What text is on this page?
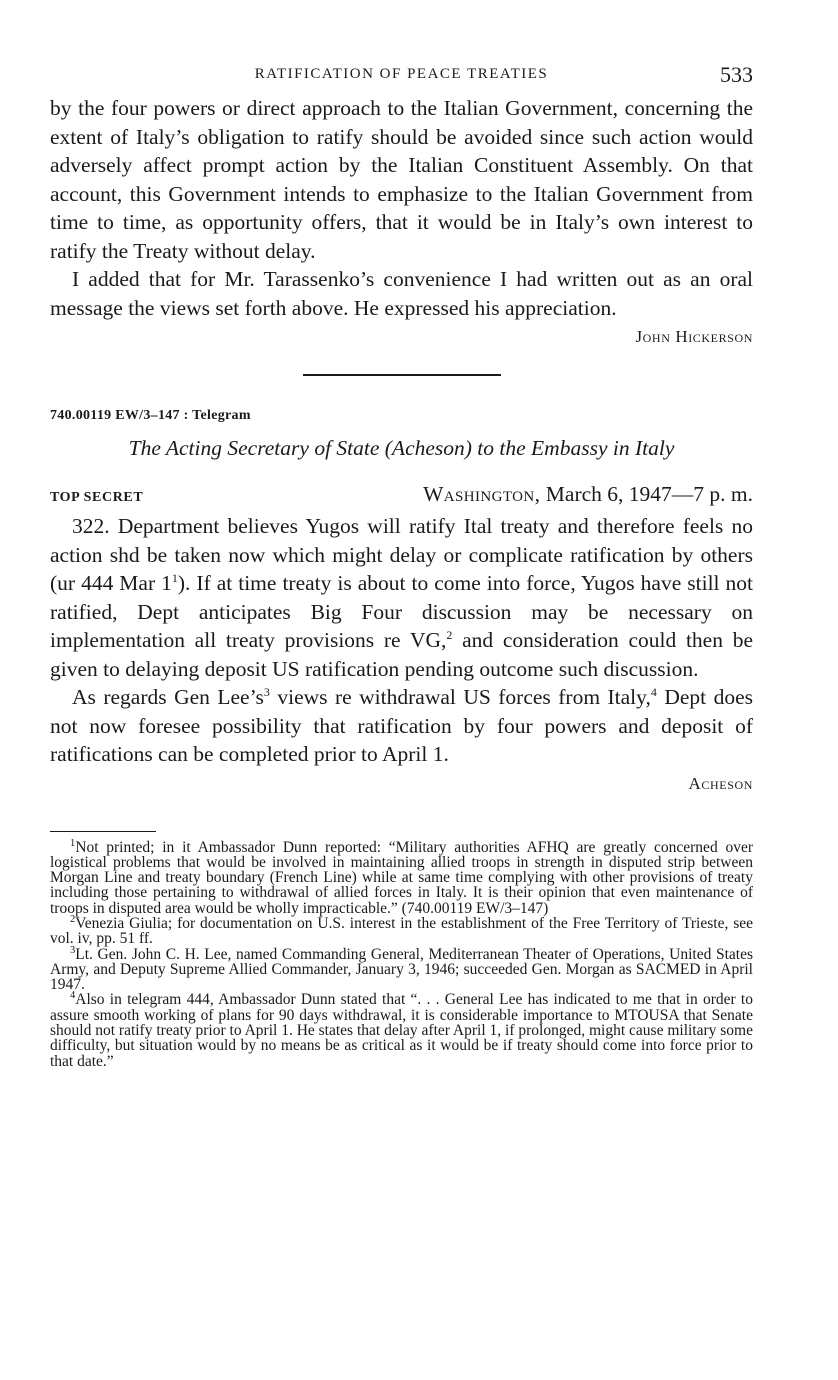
RATIFICATION OF PEACE TREATIES	533

by the four powers or direct approach to the Italian Government, concerning the extent of Italy’s obligation to ratify should be avoided since such action would adversely affect prompt action by the Italian Constituent Assembly. On that account, this Government intends to emphasize to the Italian Government from time to time, as opportunity offers, that it would be in Italy’s own interest to ratify the Treaty without delay.

I added that for Mr. Tarassenko’s convenience I had written out as an oral message the views set forth above. He expressed his appreciation.

John Hickerson
740.00119 EW/3–147 : Telegram
The Acting Secretary of State (Acheson) to the Embassy in Italy
TOP SECRET	Washington, March 6, 1947—7 p. m.

322. Department believes Yugos will ratify Ital treaty and therefore feels no action shd be taken now which might delay or complicate ratification by others (ur 444 Mar 1$^1$). If at time treaty is about to come into force, Yugos have still not ratified, Dept anticipates Big Four discussion may be necessary on implementation all treaty provisions re VG,$^2$ and consideration could then be given to delaying deposit US ratification pending outcome such discussion.

As regards Gen Lee’s$^3$ views re withdrawal US forces from Italy,$^4$ Dept does not now foresee possibility that ratification by four powers and deposit of ratifications can be completed prior to April 1.

Acheson

$^1$Not printed; in it Ambassador Dunn reported: “Military authorities AFHQ are greatly concerned over logistical problems that would be involved in maintaining allied troops in strength in disputed strip between Morgan Line and treaty boundary (French Line) while at same time complying with other provisions of treaty including those pertaining to withdrawal of allied forces in Italy. It is their opinion that even maintenance of troops in disputed area would be wholly impracticable.” (740.00119 EW/3–147)

$^2$Venezia Giulia; for documentation on U.S. interest in the establishment of the Free Territory of Trieste, see vol. iv, pp. 51 ff.

$^3$Lt. Gen. John C. H. Lee, named Commanding General, Mediterranean Theater of Operations, United States Army, and Deputy Supreme Allied Commander, January 3, 1946; succeeded Gen. Morgan as SACMED in April 1947.

$^4$Also in telegram 444, Ambassador Dunn stated that “. . . General Lee has indicated to me that in order to assure smooth working of plans for 90 days withdrawal, it is considerable importance to MTOUSA that Senate should not ratify treaty prior to April 1. He states that delay after April 1, if prolonged, might cause military some difficulty, but situation would by no means be as critical as it would be if treaty should come into force prior to that date.”
